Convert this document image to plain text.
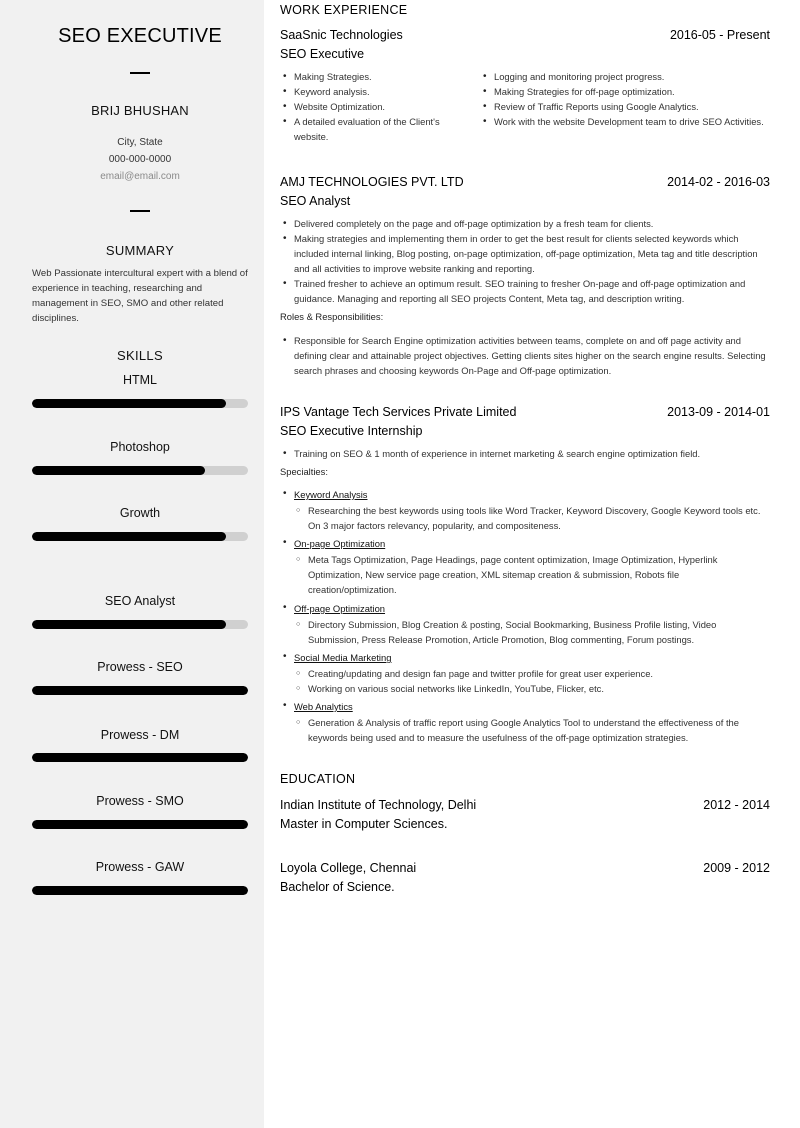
SEO EXECUTIVE
BRIJ BHUSHAN
City, State
000-000-0000
email@email.com
SUMMARY
Web Passionate intercultural expert with a blend of experience in teaching, researching and management in SEO, SMO and other related disciplines.
SKILLS
HTML
Photoshop
Growth
SEO Analyst
Prowess - SEO
Prowess - DM
Prowess - SMO
Prowess - GAW
WORK EXPERIENCE
SaaSnic Technologies	2016-05 - Present
SEO Executive
• Making Strategies.
• Keyword analysis.
• Website Optimization.
• A detailed evaluation of the Client's website.
• Logging and monitoring project progress.
• Making Strategies for off-page optimization.
• Review of Traffic Reports using Google Analytics.
• Work with the website Development team to drive SEO Activities.
AMJ TECHNOLOGIES PVT. LTD	2014-02 - 2016-03
SEO Analyst
• Delivered completely on the page and off-page optimization by a fresh team for clients.
• Making strategies and implementing them in order to get the best result for clients selected keywords which included internal linking, Blog posting, on-page optimization, off-page optimization, Meta tag and title description and all activities to improve website ranking and reporting.
• Trained fresher to achieve an optimum result. SEO training to fresher On-page and off-page optimization and guidance. Managing and reporting all SEO projects Content, Meta tag, and description writing.
Roles & Responsibilities:
• Responsible for Search Engine optimization activities between teams, complete on and off page activity and defining clear and attainable project objectives. Getting clients sites higher on the search engine results. Selecting search phrases and choosing keywords On-Page and Off-page optimization.
IPS Vantage Tech Services Private Limited	2013-09 - 2014-01
SEO Executive Internship
• Training on SEO & 1 month of experience in internet marketing & search engine optimization field.
Specialties:
• Keyword Analysis
○ Researching the best keywords using tools like Word Tracker, Keyword Discovery, Google Keyword tools etc. On 3 major factors relevancy, popularity, and compositeness.
• On-page Optimization
○ Meta Tags Optimization, Page Headings, page content optimization, Image Optimization, Hyperlink Optimization, New service page creation, XML sitemap creation & submission, Robots file creation/optimization.
• Off-page Optimization
○ Directory Submission, Blog Creation & posting, Social Bookmarking, Business Profile listing, Video Submission, Press Release Promotion, Article Promotion, Blog commenting, Forum postings.
• Social Media Marketing
○ Creating/updating and design fan page and twitter profile for great user experience.
○ Working on various social networks like LinkedIn, YouTube, Flicker, etc.
• Web Analytics
○ Generation & Analysis of traffic report using Google Analytics Tool to understand the effectiveness of the keywords being used and to measure the usefulness of the off-page optimization strategies.
EDUCATION
Indian Institute of Technology, Delhi	2012 - 2014
Master in Computer Sciences.
Loyola College, Chennai	2009 - 2012
Bachelor of Science.
